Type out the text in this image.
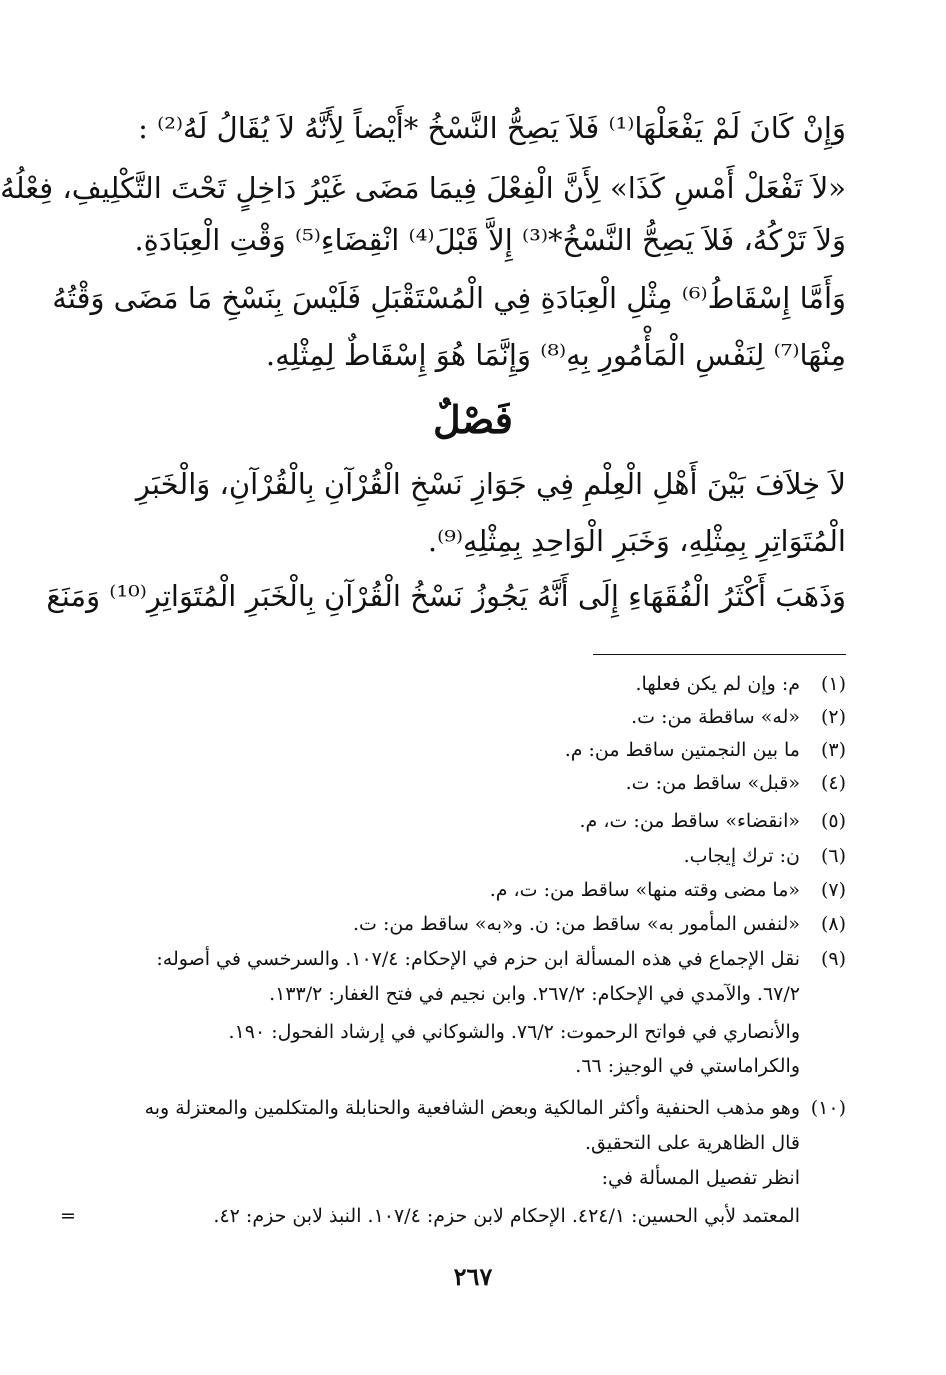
وَإِنْ كَانَ لَمْ يَفْعَلْهَا⁽¹⁾ فَلاَ يَصِحُّ النَّسْخُ *أَيْضاً لِأَنَّهُ لاَ يُقَالُ لَهُ⁽²⁾ :
«لاَ تَفْعَلْ أَمْسِ كَذَا» لِأَنَّ الْفِعْلَ فِيمَا مَضَى غَيْرُ دَاخِلٍ تَحْتَ التَّكْلِيفِ، فِعْلُهُ
وَلاَ تَرْكُهُ، فَلاَ يَصِحُّ النَّسْخُ*⁽³⁾ إِلاَّ قَبْلَ⁽⁴⁾ انْقِضَاءِ⁽⁵⁾ وَقْتِ الْعِبَادَةِ.
وَأَمَّا إِسْقَاطُ⁽⁶⁾ مِثْلِ الْعِبَادَةِ فِي الْمُسْتَقْبَلِ فَلَيْسَ بِنَسْخِ مَا مَضَى وَقْتُهُ
مِنْهَا⁽⁷⁾ لِنَفْسِ الْمَأْمُورِ بِهِ⁽⁸⁾ وَإِنَّمَا هُوَ إِسْقَاطٌ لِمِثْلِهِ.
فَصْلٌ
لاَ خِلاَفَ بَيْنَ أَهْلِ الْعِلْمِ فِي جَوَازِ نَسْخِ الْقُرْآنِ بِالْقُرْآنِ، وَالْخَبَرِ
الْمُتَوَاتِرِ بِمِثْلِهِ، وَخَبَرِ الْوَاحِدِ بِمِثْلِهِ⁽⁹⁾.
وَذَهَبَ أَكْثَرُ الْفُقَهَاءِ إِلَى أَنَّهُ يَجُوزُ نَسْخُ الْقُرْآنِ بِالْخَبَرِ الْمُتَوَاتِرِ⁽¹⁰⁾ وَمَنَعَ
(١)م: وإن لم يكن فعلها.
(٢)«له» ساقطة من: ت.
(٣)ما بين النجمتين ساقط من: م.
(٤)«قبل» ساقط من: ت.
(٥)«انقضاء» ساقط من: ت، م.
(٦)ن: ترك إيجاب.
(٧)«ما مضى وقته منها» ساقط من: ت، م.
(٨)«لنفس المأمور به» ساقط من: ن. و«به» ساقط من: ت.
(٩)نقل الإجماع في هذه المسألة ابن حزم في الإحكام: ١٠٧/٤. والسرخسي في أصوله:
٦٧/٢. والآمدي في الإحكام: ٢٦٧/٢. وابن نجيم في فتح الغفار: ١٣٣/٢.
والأنصاري في فواتح الرحموت: ٧٦/٢. والشوكاني في إرشاد الفحول: ١٩٠.
والكراماستي في الوجيز: ٦٦.
(١٠)وهو مذهب الحنفية وأكثر المالكية وبعض الشافعية والحنابلة والمتكلمين والمعتزلة وبه
قال الظاهرية على التحقيق.
انظر تفصيل المسألة في:
المعتمد لأبي الحسين: ٤٢٤/١. الإحكام لابن حزم: ١٠٧/٤. النبذ لابن حزم: ٤٢.
=
٢٦٧
